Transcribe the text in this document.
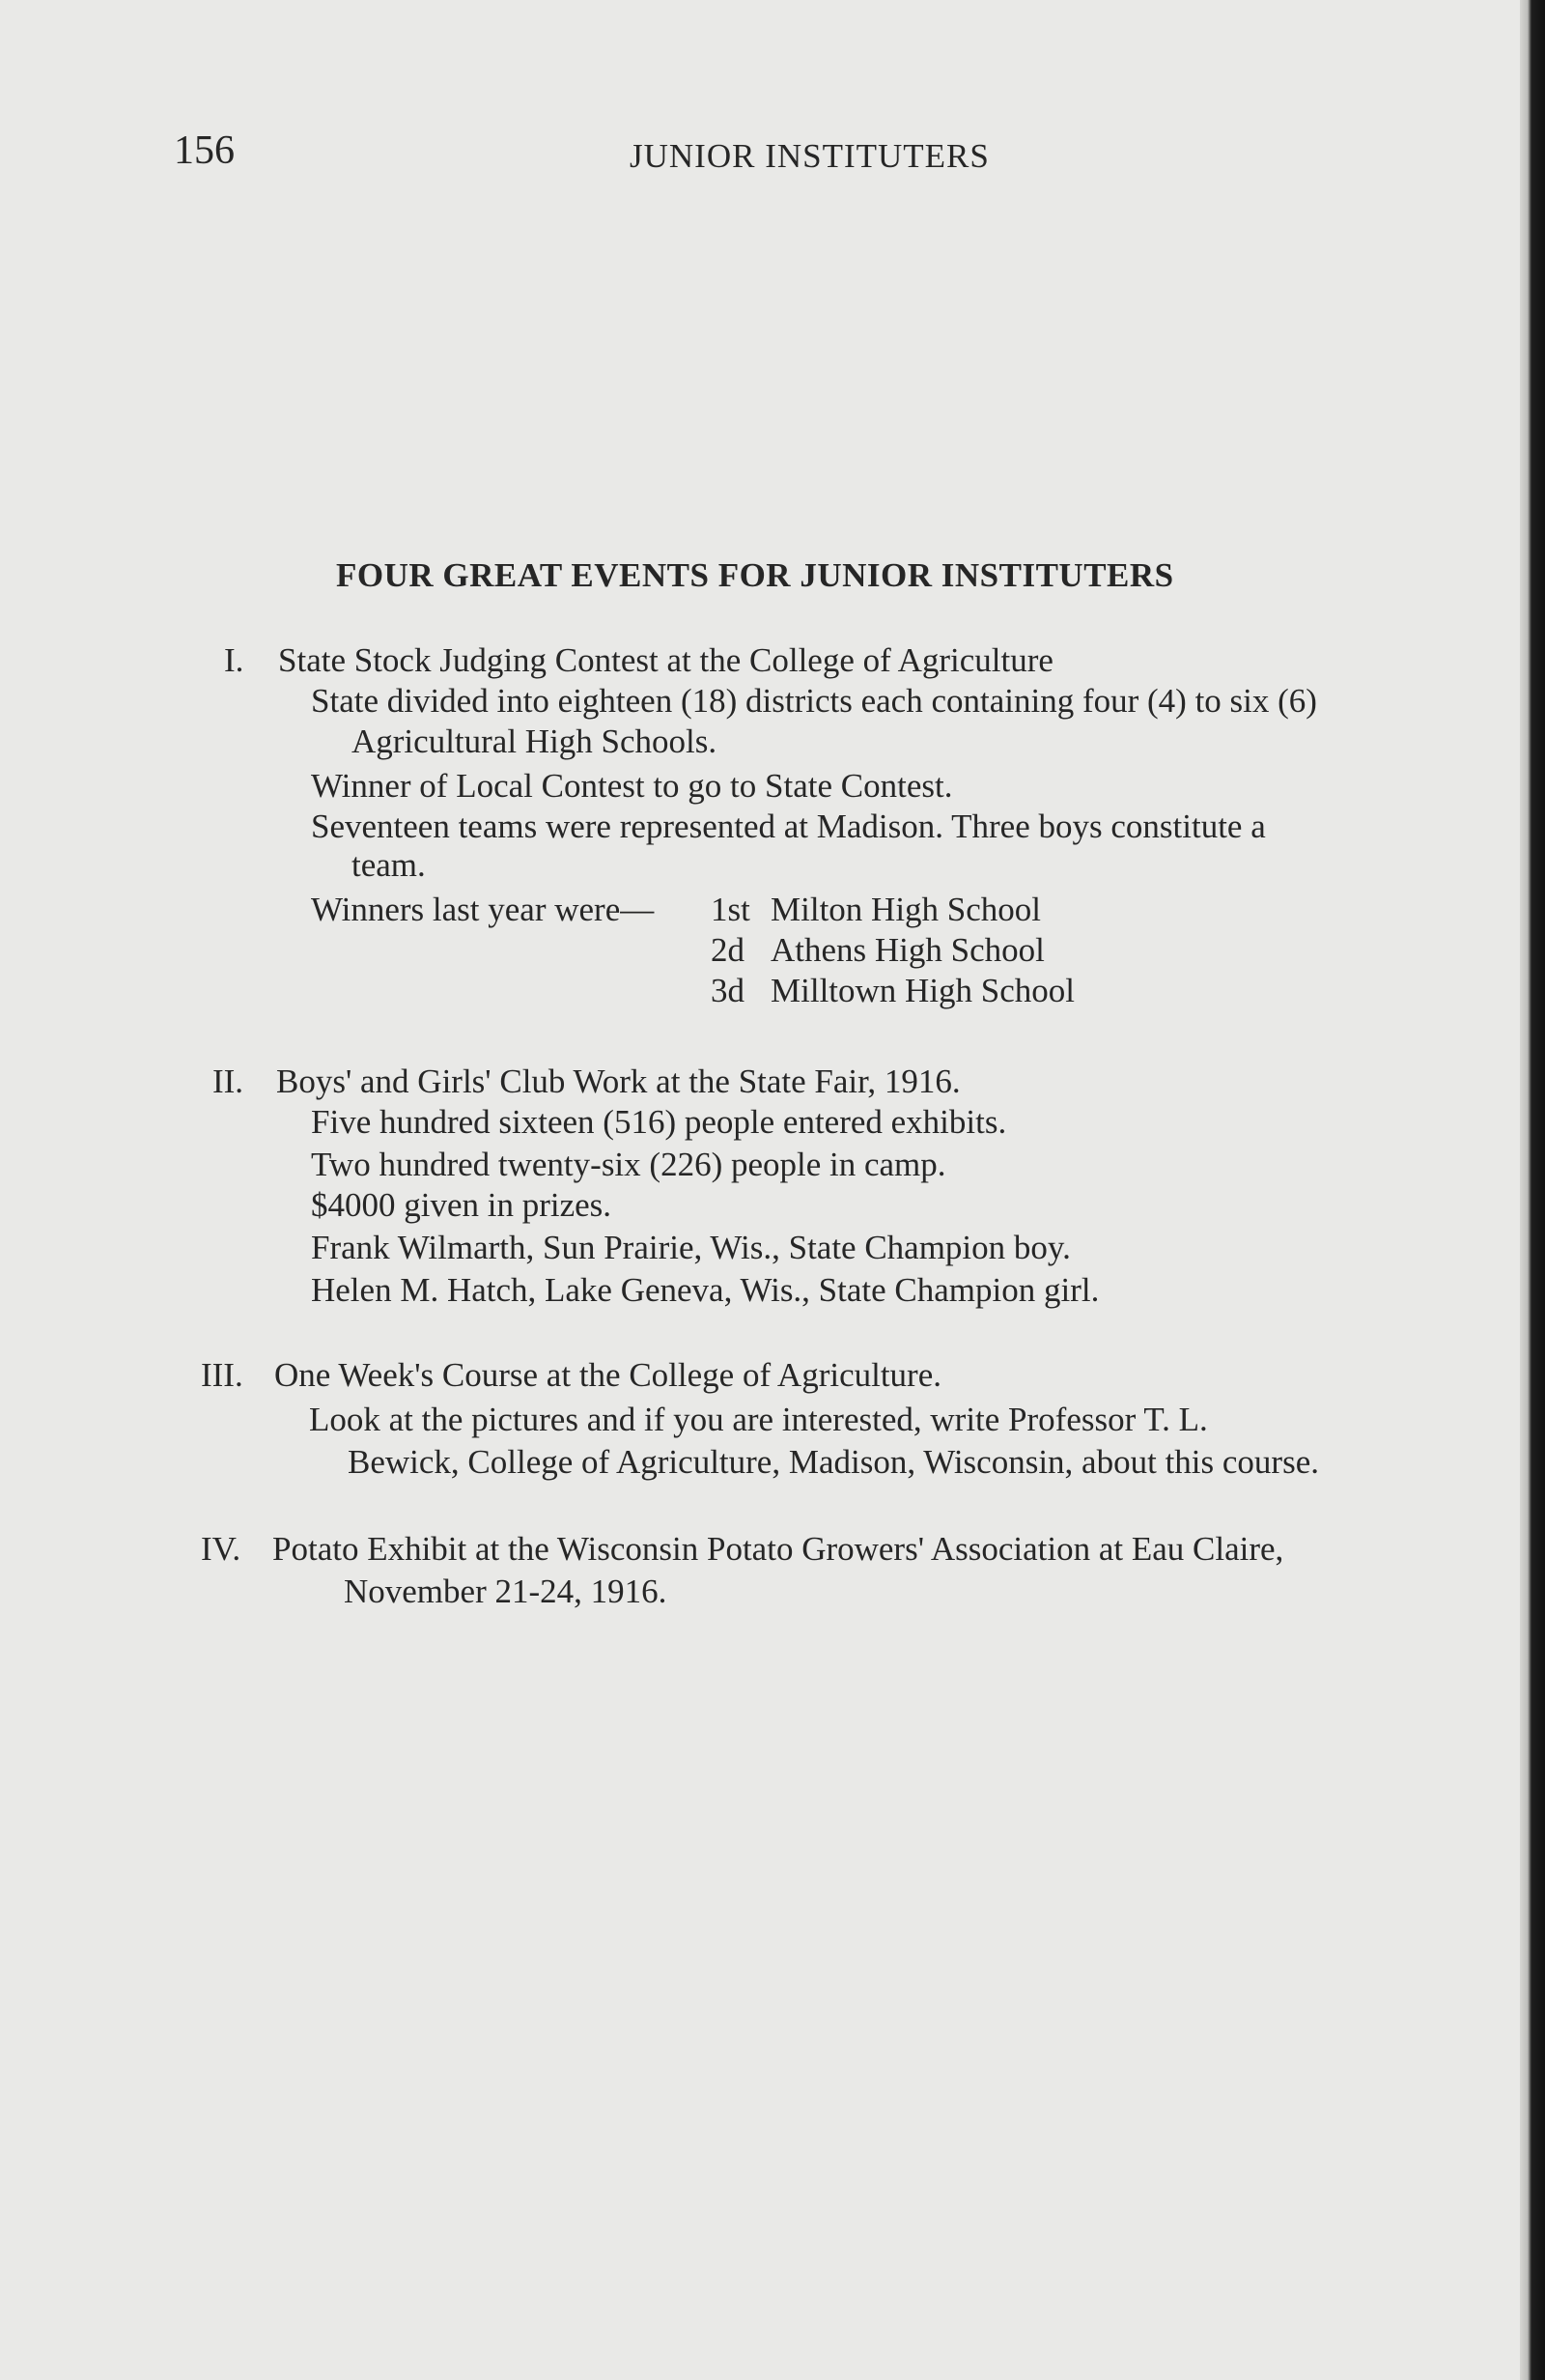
156	JUNIOR INSTITUTERS
FOUR GREAT EVENTS FOR JUNIOR INSTITUTERS
I. State Stock Judging Contest at the College of Agriculture
State divided into eighteen (18) districts each containing four (4) to six (6)
Agricultural High Schools.
Winner of Local Contest to go to State Contest.
Seventeen teams were represented at Madison. Three boys constitute a
team.
Winners last year were— 1st Milton High School
2d Athens High School
3d Milltown High School
II. Boys' and Girls' Club Work at the State Fair, 1916.
Five hundred sixteen (516) people entered exhibits.
Two hundred twenty-six (226) people in camp.
$4000 given in prizes.
Frank Wilmarth, Sun Prairie, Wis., State Champion boy.
Helen M. Hatch, Lake Geneva, Wis., State Champion girl.
III. One Week's Course at the College of Agriculture.
Look at the pictures and if you are interested, write Professor T. L.
Bewick, College of Agriculture, Madison, Wisconsin, about this course.
IV. Potato Exhibit at the Wisconsin Potato Growers' Association at Eau Claire,
November 21-24, 1916.
